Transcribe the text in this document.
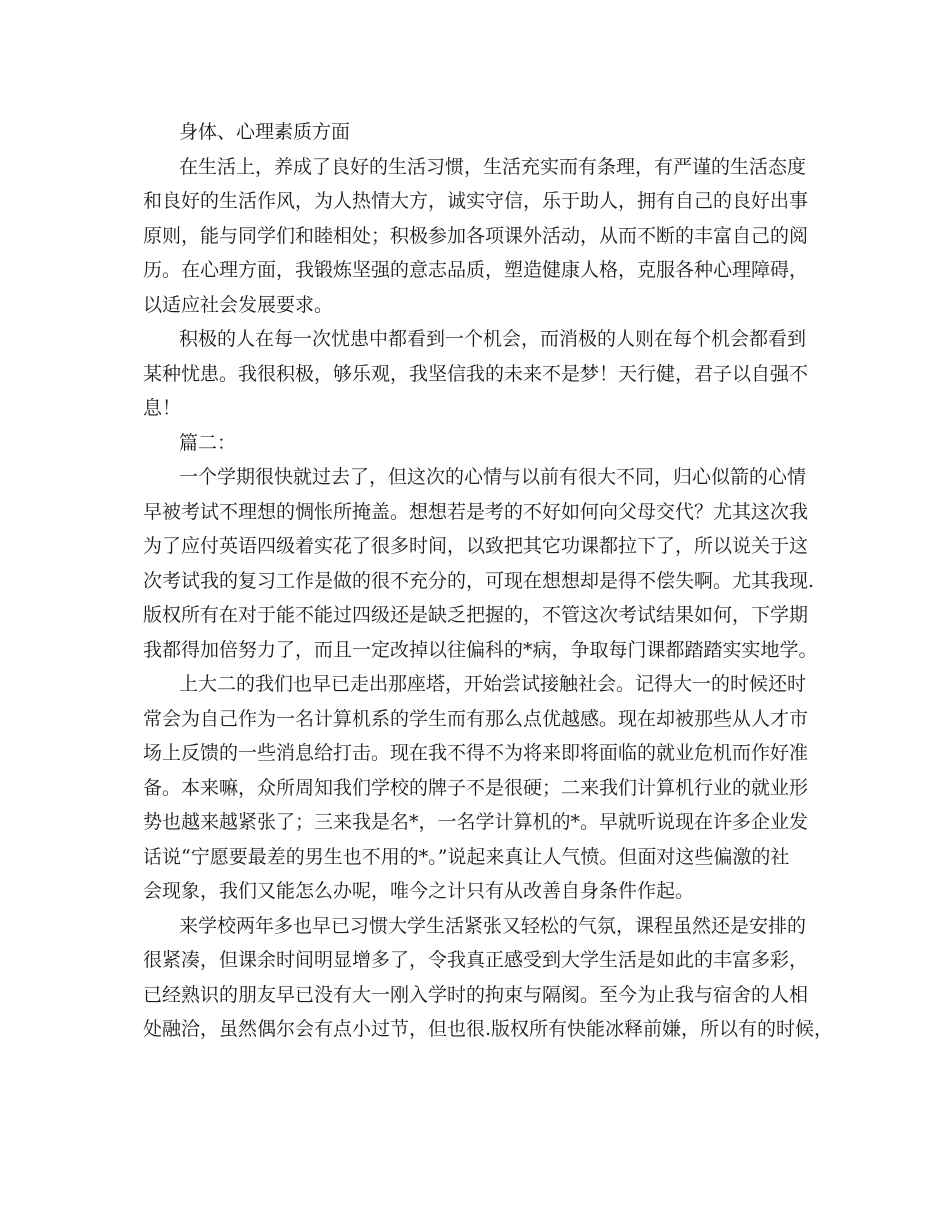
身体、心理素质方面
在生活上，养成了良好的生活习惯，生活充实而有条理，有严谨的生活态度
和良好的生活作风，为人热情大方，诚实守信，乐于助人，拥有自己的良好出事
原则，能与同学们和睦相处；积极参加各项课外活动，从而不断的丰富自己的阅
历。在心理方面，我锻炼坚强的意志品质，塑造健康人格，克服各种心理障碍，
以适应社会发展要求。
积极的人在每一次忧患中都看到一个机会，而消极的人则在每个机会都看到
某种忧患。我很积极，够乐观，我坚信我的未来不是梦！天行健，君子以自强不
息！
篇二：
一个学期很快就过去了，但这次的心情与以前有很大不同，归心似箭的心情
早被考试不理想的惆怅所掩盖。想想若是考的不好如何向父母交代？尤其这次我
为了应付英语四级着实花了很多时间，以致把其它功课都拉下了，所以说关于这
次考试我的复习工作是做的很不充分的，可现在想想却是得不偿失啊。尤其我现.
版权所有在对于能不能过四级还是缺乏把握的，不管这次考试结果如何，下学期
我都得加倍努力了，而且一定改掉以往偏科的*病，争取每门课都踏踏实实地学。
上大二的我们也早已走出那座塔，开始尝试接触社会。记得大一的时候还时
常会为自己作为一名计算机系的学生而有那么点优越感。现在却被那些从人才市
场上反馈的一些消息给打击。现在我不得不为将来即将面临的就业危机而作好准
备。本来嘛，众所周知我们学校的牌子不是很硬；二来我们计算机行业的就业形
势也越来越紧张了；三来我是名*，一名学计算机的*。早就听说现在许多企业发
话说“宁愿要最差的男生也不用的*。”说起来真让人气愤。但面对这些偏激的社
会现象，我们又能怎么办呢，唯今之计只有从改善自身条件作起。
来学校两年多也早已习惯大学生活紧张又轻松的气氛，课程虽然还是安排的
很紧凑，但课余时间明显增多了，令我真正感受到大学生活是如此的丰富多彩，
已经熟识的朋友早已没有大一刚入学时的拘束与隔阂。至今为止我与宿舍的人相
处融洽，虽然偶尔会有点小过节，但也很.版权所有快能冰释前嫌，所以有的时候，
